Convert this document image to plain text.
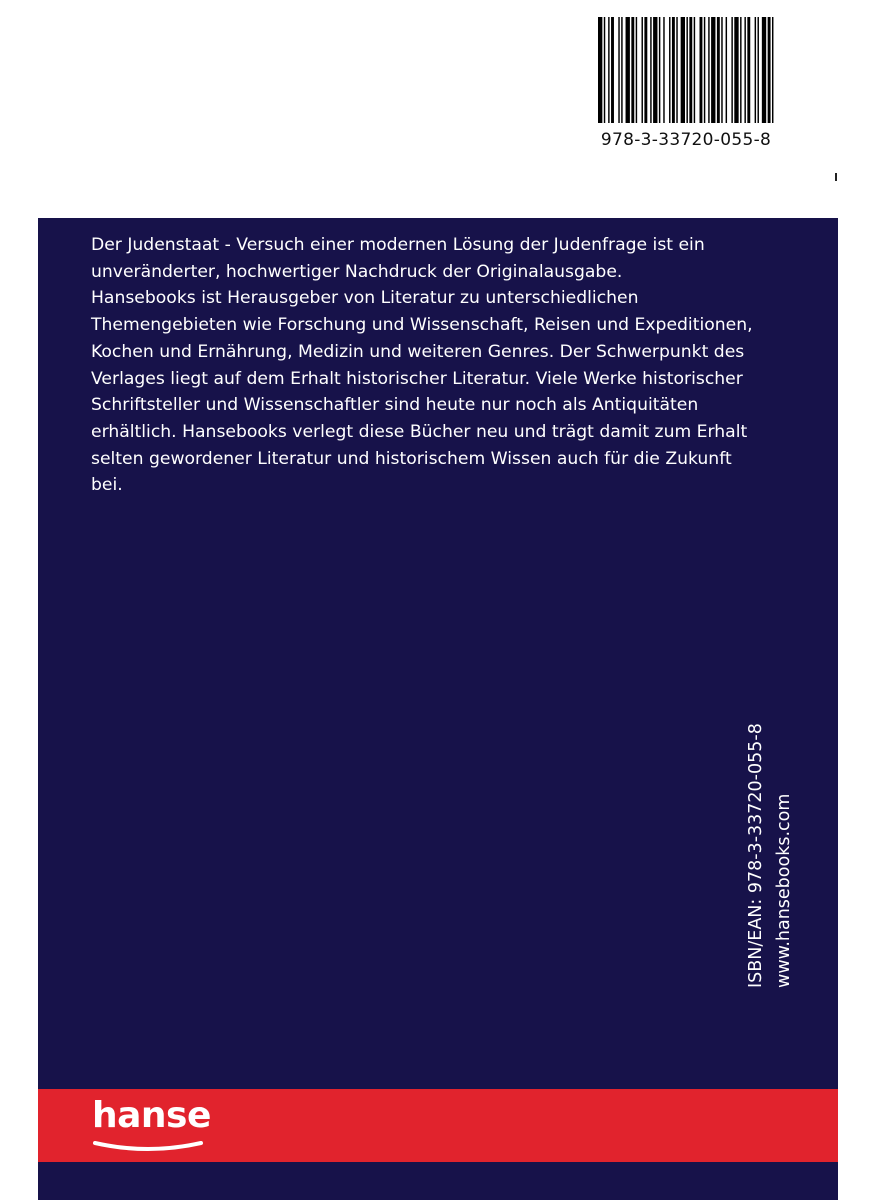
978-3-33720-055-8

Der Judenstaat - Versuch einer modernen Lösung der Judenfrage ist ein
unveränderter, hochwertiger Nachdruck der Originalausgabe.
Hansebooks ist Herausgeber von Literatur zu unterschiedlichen
Themengebieten wie Forschung und Wissenschaft, Reisen und Expeditionen,
Kochen und Ernährung, Medizin und weiteren Genres. Der Schwerpunkt des
Verlages liegt auf dem Erhalt historischer Literatur. Viele Werke historischer
Schriftsteller und Wissenschaftler sind heute nur noch als Antiquitäten
erhältlich. Hansebooks verlegt diese Bücher neu und trägt damit zum Erhalt
selten gewordener Literatur und historischem Wissen auch für die Zukunft
bei.

ISBN/EAN: 978-3-33720-055-8 www.hansebooks.com
hanse
